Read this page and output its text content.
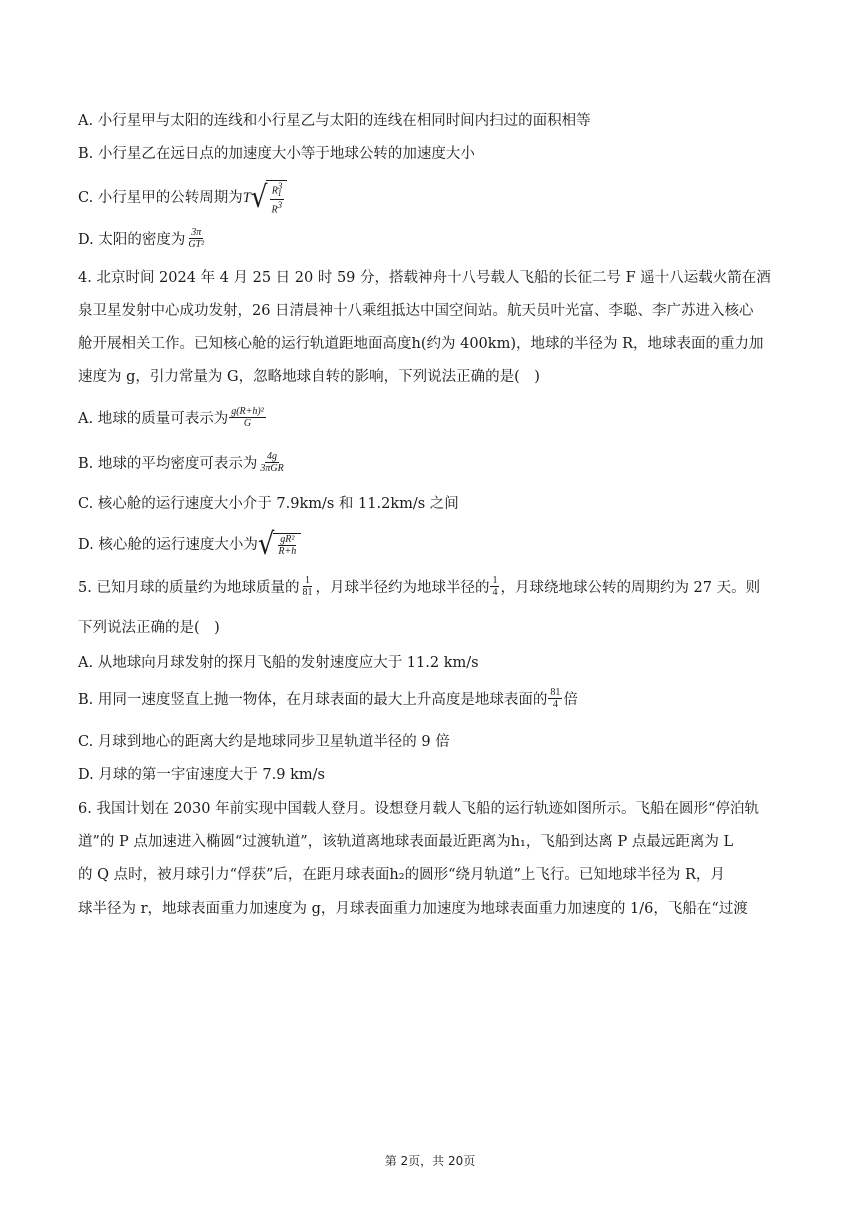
A. 小行星甲与太阳的连线和小行星乙与太阳的连线在相同时间内扫过的面积相等
B. 小行星乙在远日点的加速度大小等于地球公转的加速度大小
C. 小行星甲的公转周期为 T √ $\frac{R^3_1}{R^3}$
D. 太阳的密度为 $\frac{3\pi}{\text{GT²}}$
4. 北京时间 2024 年 4 月 25 日 20 时 59 分，搭载神舟十八号载人飞船的长征二号 F 遥十八运载火箭在酒
泉卫星发射中心成功发射，26 日清晨神十八乘组抵达中国空间站。航天员叶光富、李聪、李广苏进入核心
舱开展相关工作。已知核心舱的运行轨道距地面高度h(约为 400km)，地球的半径为 R，地球表面的重力加
速度为 g，引力常量为 G，忽略地球自转的影响，下列说法正确的是(　)
A. 地球的质量可表示为 $\frac{\text{g(R+h)²}}{G}$
B. 地球的平均密度可表示为 $\frac{4g}{\text{3πGR}}$
C. 核心舱的运行速度大小介于 7.9km/s 和 11.2km/s 之间
D. 核心舱的运行速度大小为 √ $\frac{\text{gR²}}{R+h}$
5. 已知月球的质量约为地球质量的 $\frac{1}{81}$ ，月球半径约为地球半径的 $\frac{1}{4}$ ，月球绕地球公转的周期约为 27 天。则
下列说法正确的是(　)
A. 从地球向月球发射的探月飞船的发射速度应大于 11.2 km/s
B. 用同一速度竖直上抛一物体，在月球表面的最大上升高度是地球表面的 $\frac{81}{4}$ 倍
C. 月球到地心的距离大约是地球同步卫星轨道半径的 9 倍
D. 月球的第一宇宙速度大于 7.9 km/s
6. 我国计划在 2030 年前实现中国载人登月。设想登月载人飞船的运行轨迹如图所示。飞船在圆形“停泊轨
道”的 P 点加速进入椭圆“过渡轨道”，该轨道离地球表面最近距离为h₁，飞船到达离 P 点最远距离为 L
的 Q 点时，被月球引力“俘获”后，在距月球表面h₂的圆形“绕月轨道”上飞行。已知地球半径为 R，月
球半径为 r，地球表面重力加速度为 g，月球表面重力加速度为地球表面重力加速度的 1/6，飞船在“过渡
第 2页，共 20页
